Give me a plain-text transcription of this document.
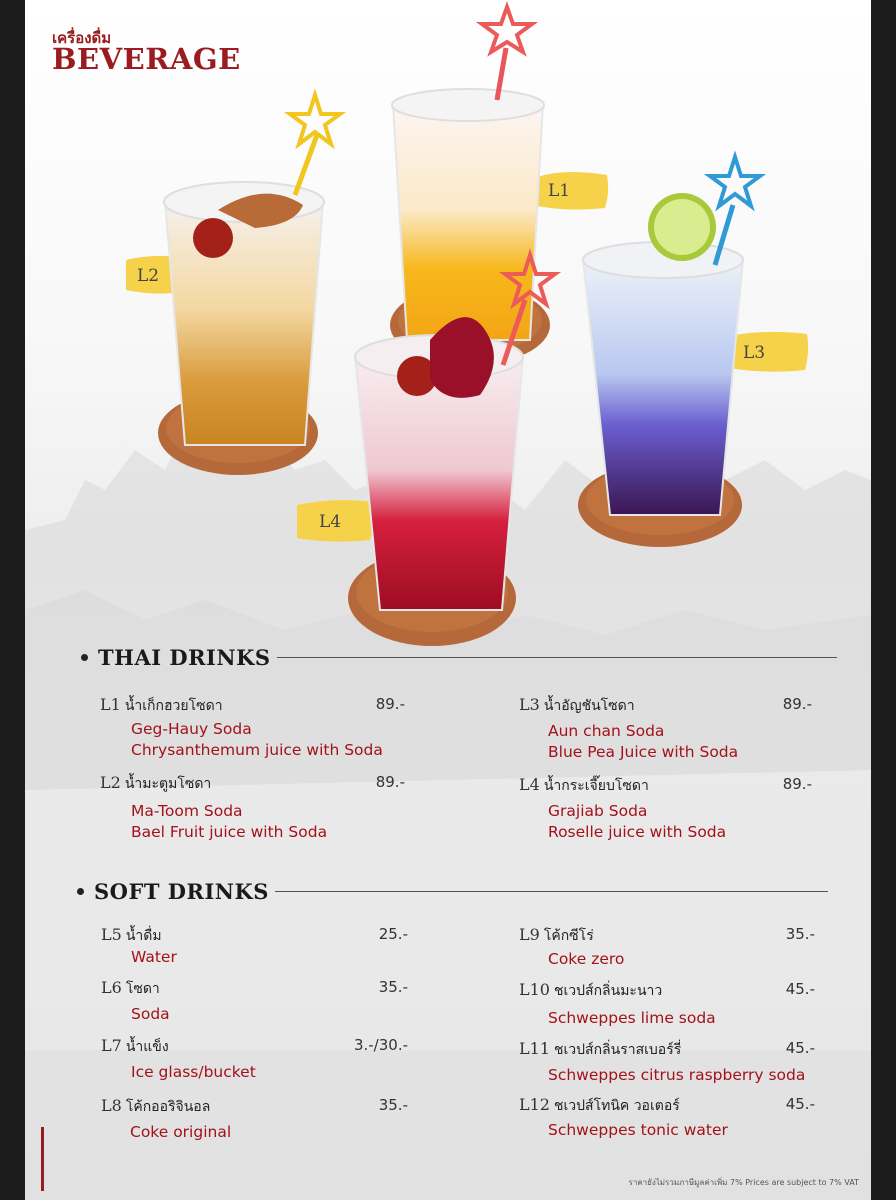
เครื่องดื่ม
BEVERAGE
L1
L2
L3
L4
THAI DRINKS
L1 น้ำเก็กฮวยโซดา	89.-
Geg-Hauy Soda
Chrysanthemum juice with Soda
L2 น้ำมะตูมโซดา	89.-
Ma-Toom Soda
Bael Fruit juice with Soda
L3 น้ำอัญชันโซดา	89.-
Aun chan Soda
Blue Pea Juice with Soda
L4 น้ำกระเจี๊ยบโซดา	89.-
Grajiab Soda
Roselle juice with Soda
SOFT DRINKS
L5 น้ำดื่ม	25.-
Water
L6 โซดา	35.-
Soda
L7 น้ำแข็ง	3.-/30.-
Ice glass/bucket
L8 โค้กออริจินอล	35.-
Coke original
L9 โค้กซีโร่	35.-
Coke zero
L10 ชเวปส์กลิ่นมะนาว	45.-
Schweppes lime soda
L11 ชเวปส์กลิ่นราสเบอร์รี่	45.-
Schweppes citrus raspberry soda
L12 ชเวปส์โทนิค วอเตอร์	45.-
Schweppes tonic water
ราคายังไม่รวมภาษีมูลค่าเพิ่ม 7% Prices are subject to 7% VAT
